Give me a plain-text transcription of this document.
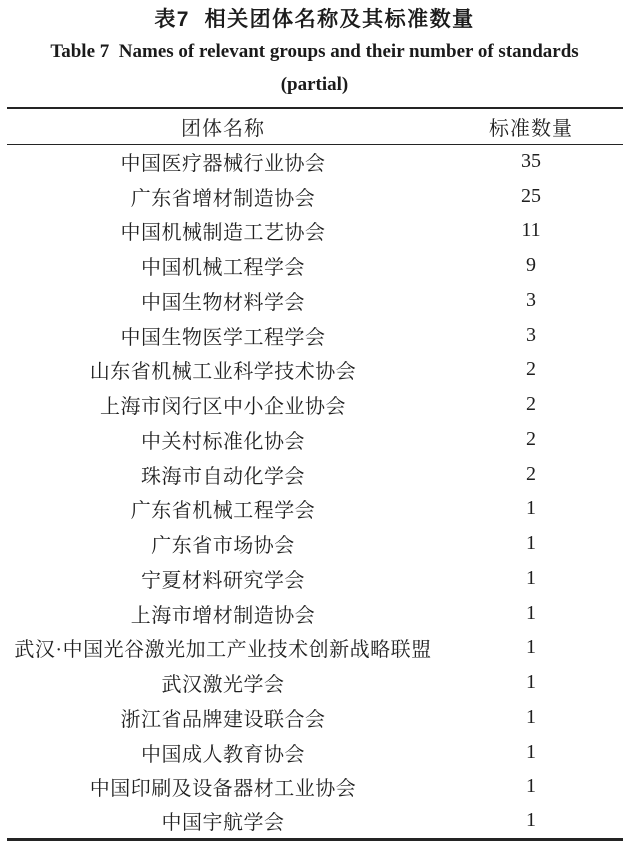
表7  相关团体名称及其标准数量
Table 7  Names of relevant groups and their number of standards
(partial)
团体名称	标准数量
中国医疗器械行业协会	35
广东省增材制造协会	25
中国机械制造工艺协会	11
中国机械工程学会	9
中国生物材料学会	3
中国生物医学工程学会	3
山东省机械工业科学技术协会	2
上海市闵行区中小企业协会	2
中关村标准化协会	2
珠海市自动化学会	2
广东省机械工程学会	1
广东省市场协会	1
宁夏材料研究学会	1
上海市增材制造协会	1
武汉·中国光谷激光加工产业技术创新战略联盟	1
武汉激光学会	1
浙江省品牌建设联合会	1
中国成人教育协会	1
中国印刷及设备器材工业协会	1
中国宇航学会	1
